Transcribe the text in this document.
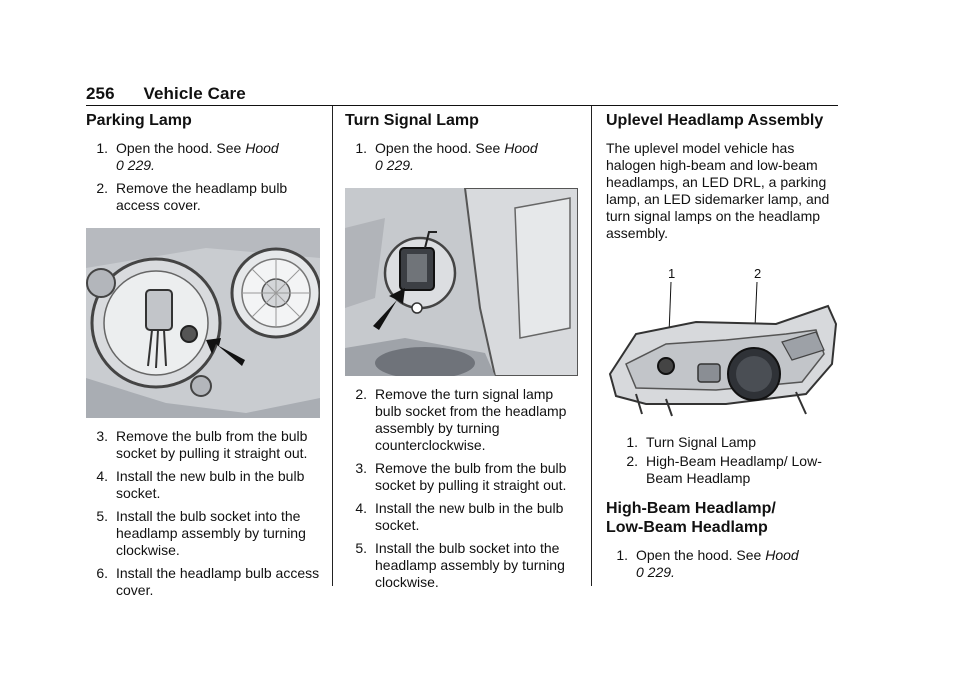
256 Vehicle Care
Parking Lamp
1. Open the hood. See Hood
0 229.
2. Remove the headlamp bulb access cover.
3. Remove the bulb from the bulb socket by pulling it straight out.
4. Install the new bulb in the bulb socket.
5. Install the bulb socket into the headlamp assembly by turning clockwise.
6. Install the headlamp bulb access cover.
Turn Signal Lamp
1. Open the hood. See Hood
0 229.
2. Remove the turn signal lamp bulb socket from the headlamp assembly by turning counterclockwise.
3. Remove the bulb from the bulb socket by pulling it straight out.
4. Install the new bulb in the bulb socket.
5. Install the bulb socket into the headlamp assembly by turning clockwise.
Uplevel Headlamp Assembly

The uplevel model vehicle has halogen high-beam and low-beam headlamps, an LED DRL, a parking lamp, an LED sidemarker lamp, and turn signal lamps on the headlamp assembly.

1	2
1. Turn Signal Lamp
2. High-Beam Headlamp/ Low-Beam Headlamp
High-Beam Headlamp/
Low-Beam Headlamp
1. Open the hood. See Hood
0 229.
